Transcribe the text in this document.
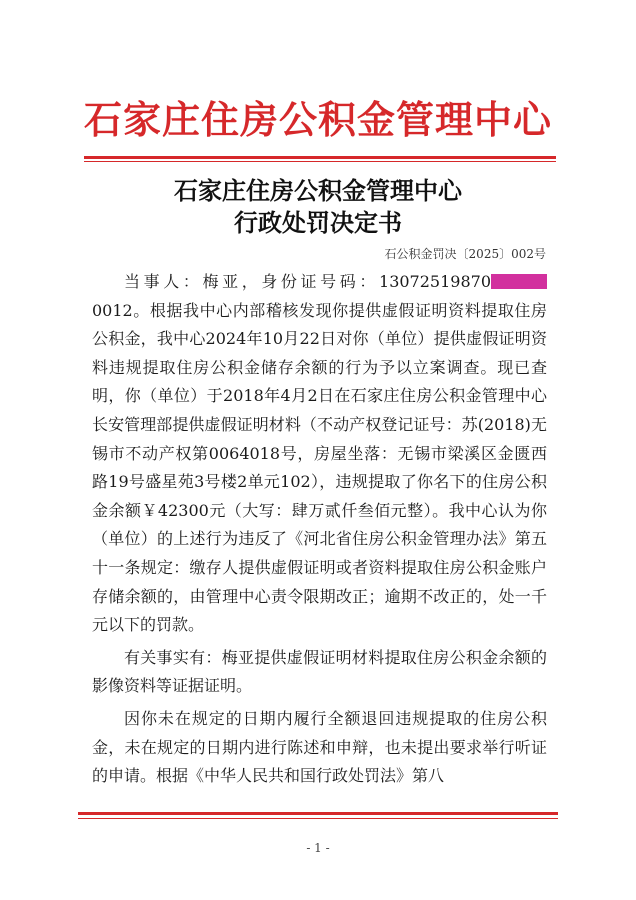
石家庄住房公积金管理中心
石家庄住房公积金管理中心
行政处罚决定书
石公积金罚决〔2025〕002号

当事人：梅亚，身份证号码：130725198700012。根据我中心内部稽核发现你提供虚假证明资料提取住房公积金，我中心2024年10月22日对你（单位）提供虚假证明资料违规提取住房公积金储存余额的行为予以立案调查。现已查明，你（单位）于2018年4月2日在石家庄住房公积金管理中心长安管理部提供虚假证明材料（不动产权登记证号：苏(2018)无锡市不动产权第0064018号，房屋坐落：无锡市梁溪区金匮西路19号盛星苑3号楼2单元102），违规提取了你名下的住房公积金余额￥42300元（大写：肆万贰仟叁佰元整）。我中心认为你（单位）的上述行为违反了《河北省住房公积金管理办法》第五十一条规定：缴存人提供虚假证明或者资料提取住房公积金账户存储余额的，由管理中心责令限期改正；逾期不改正的，处一千元以下的罚款。

有关事实有：梅亚提供虚假证明材料提取住房公积金余额的影像资料等证据证明。

因你未在规定的日期内履行全额退回违规提取的住房公积金，未在规定的日期内进行陈述和申辩，也未提出要求举行听证的申请。根据《中华人民共和国行政处罚法》第八

- 1 -
